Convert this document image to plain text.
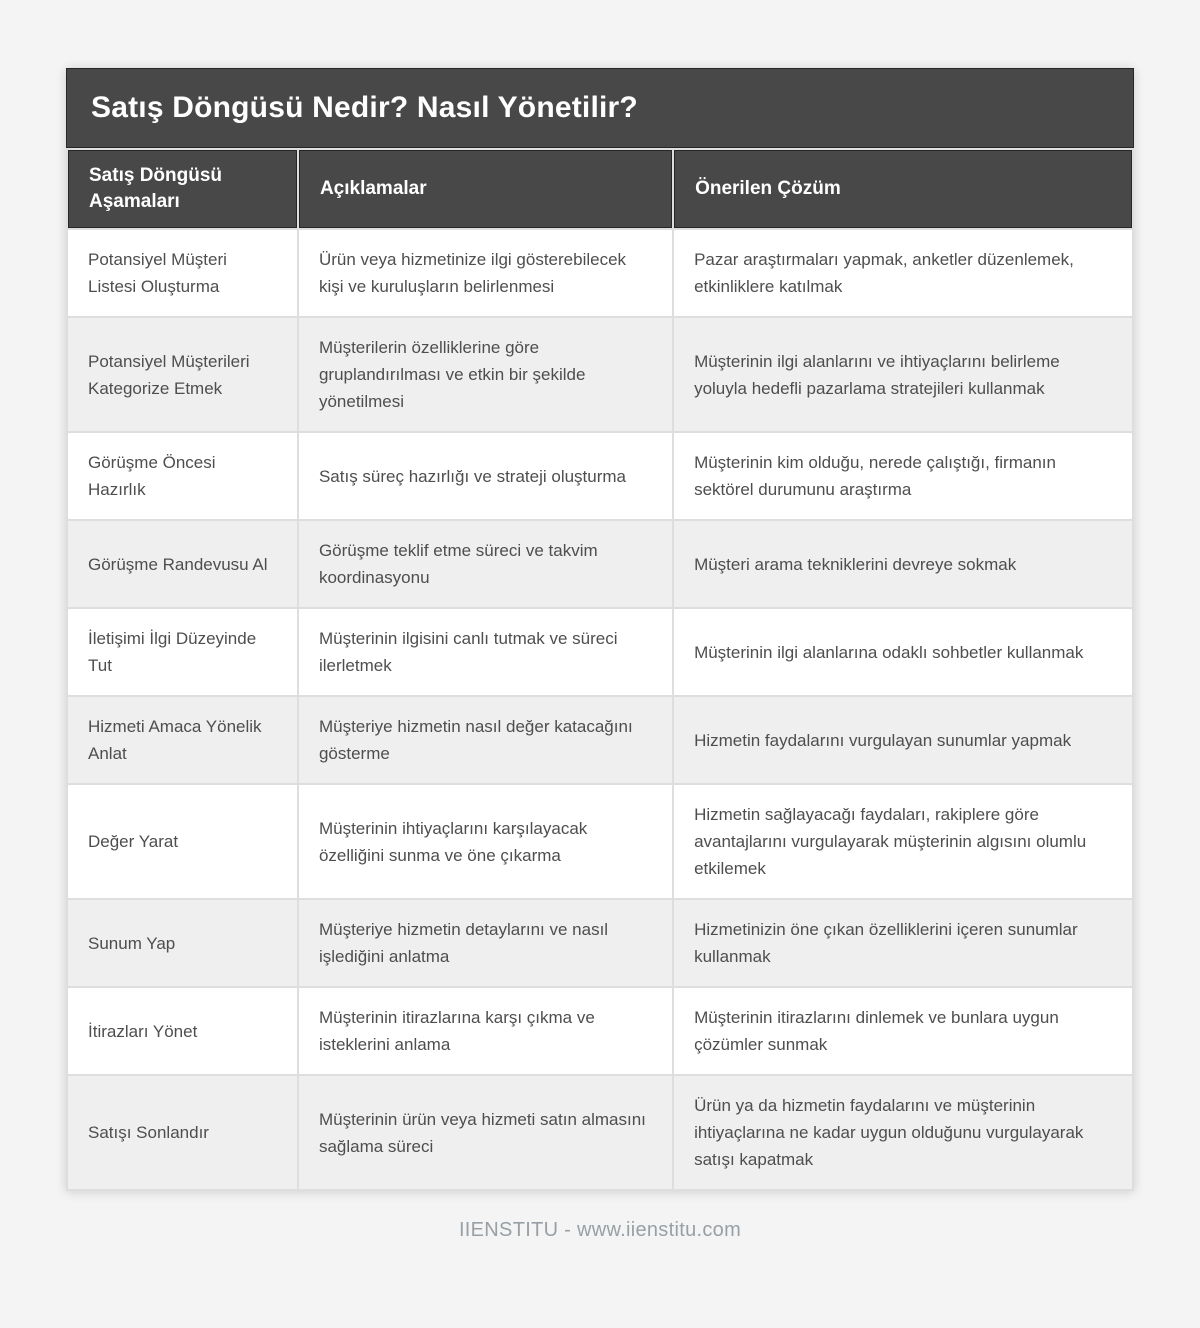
Satış Döngüsü Nedir? Nasıl Yönetilir?
Satış Döngüsü Aşamaları	Açıklamalar	Önerilen Çözüm
Potansiyel Müşteri Listesi Oluşturma	Ürün veya hizmetinize ilgi gösterebilecek kişi ve kuruluşların belirlenmesi	Pazar araştırmaları yapmak, anketler düzenlemek, etkinliklere katılmak
Potansiyel Müşterileri Kategorize Etmek	Müşterilerin özelliklerine göre gruplandırılması ve etkin bir şekilde yönetilmesi	Müşterinin ilgi alanlarını ve ihtiyaçlarını belirleme yoluyla hedefli pazarlama stratejileri kullanmak
Görüşme Öncesi Hazırlık	Satış süreç hazırlığı ve strateji oluşturma	Müşterinin kim olduğu, nerede çalıştığı, firmanın sektörel durumunu araştırma
Görüşme Randevusu Al	Görüşme teklif etme süreci ve takvim koordinasyonu	Müşteri arama tekniklerini devreye sokmak
İletişimi İlgi Düzeyinde Tut	Müşterinin ilgisini canlı tutmak ve süreci ilerletmek	Müşterinin ilgi alanlarına odaklı sohbetler kullanmak
Hizmeti Amaca Yönelik Anlat	Müşteriye hizmetin nasıl değer katacağını gösterme	Hizmetin faydalarını vurgulayan sunumlar yapmak
Değer Yarat	Müşterinin ihtiyaçlarını karşılayacak özelliğini sunma ve öne çıkarma	Hizmetin sağlayacağı faydaları, rakiplere göre avantajlarını vurgulayarak müşterinin algısını olumlu etkilemek
Sunum Yap	Müşteriye hizmetin detaylarını ve nasıl işlediğini anlatma	Hizmetinizin öne çıkan özelliklerini içeren sunumlar kullanmak
İtirazları Yönet	Müşterinin itirazlarına karşı çıkma ve isteklerini anlama	Müşterinin itirazlarını dinlemek ve bunlara uygun çözümler sunmak
Satışı Sonlandır	Müşterinin ürün veya hizmeti satın almasını sağlama süreci	Ürün ya da hizmetin faydalarını ve müşterinin ihtiyaçlarına ne kadar uygun olduğunu vurgulayarak satışı kapatmak
IIENSTITU - www.iienstitu.com
